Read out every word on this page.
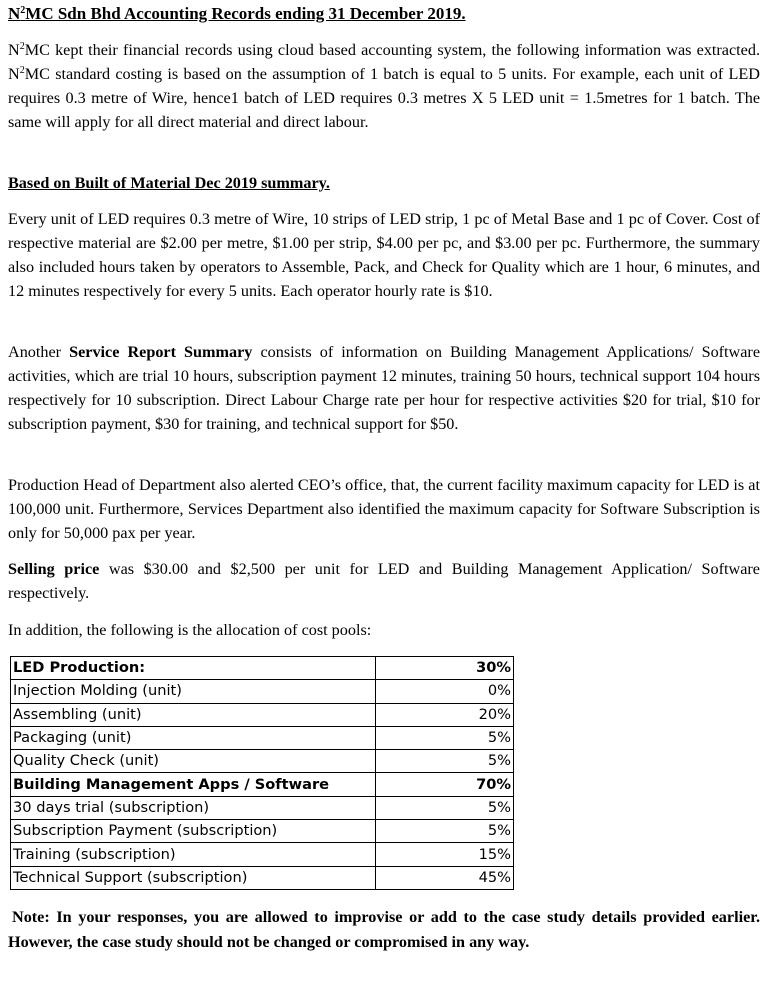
$N^2MC$ Sdn Bhd Accounting Records ending 31 December 2019.
$N^2MC$ kept their financial records using cloud based accounting system, the following information was extracted. $N^2MC$ standard costing is based on the assumption of 1 batch is equal to 5 units. For example, each unit of LED requires 0.3 metre of Wire, hence1 batch of LED requires 0.3 metres X 5 LED unit = 1.5metres for 1 batch. The same will apply for all direct material and direct labour.
Based on Built of Material Dec 2019 summary.
Every unit of LED requires 0.3 metre of Wire, 10 strips of LED strip, 1 pc of Metal Base and 1 pc of Cover. Cost of respective material are $2.00 per metre, $1.00 per strip, $4.00 per pc, and $3.00 per pc. Furthermore, the summary also included hours taken by operators to Assemble, Pack, and Check for Quality which are 1 hour, 6 minutes, and 12 minutes respectively for every 5 units. Each operator hourly rate is $10.
Another Service Report Summary consists of information on Building Management Applications/ Software activities, which are trial 10 hours, subscription payment 12 minutes, training 50 hours, technical support 104 hours respectively for 10 subscription. Direct Labour Charge rate per hour for respective activities $20 for trial, $10 for subscription payment, $30 for training, and technical support for $50.
Production Head of Department also alerted CEO’s office, that, the current facility maximum capacity for LED is at 100,000 unit. Furthermore, Services Department also identified the maximum capacity for Software Subscription is only for 50,000 pax per year.
Selling price was $30.00 and $2,500 per unit for LED and Building Management Application/ Software respectively.
In addition, the following is the allocation of cost pools:
LED Production:	30%
Injection Molding (unit)	0%
Assembling (unit)	20%
Packaging (unit)	5%
Quality Check (unit)	5%
Building Management Apps / Software	70%
30 days trial (subscription)	5%
Subscription Payment (subscription)	5%
Training (subscription)	15%
Technical Support (subscription)	45%
Note: In your responses, you are allowed to improvise or add to the case study details provided earlier. However, the case study should not be changed or compromised in any way.
